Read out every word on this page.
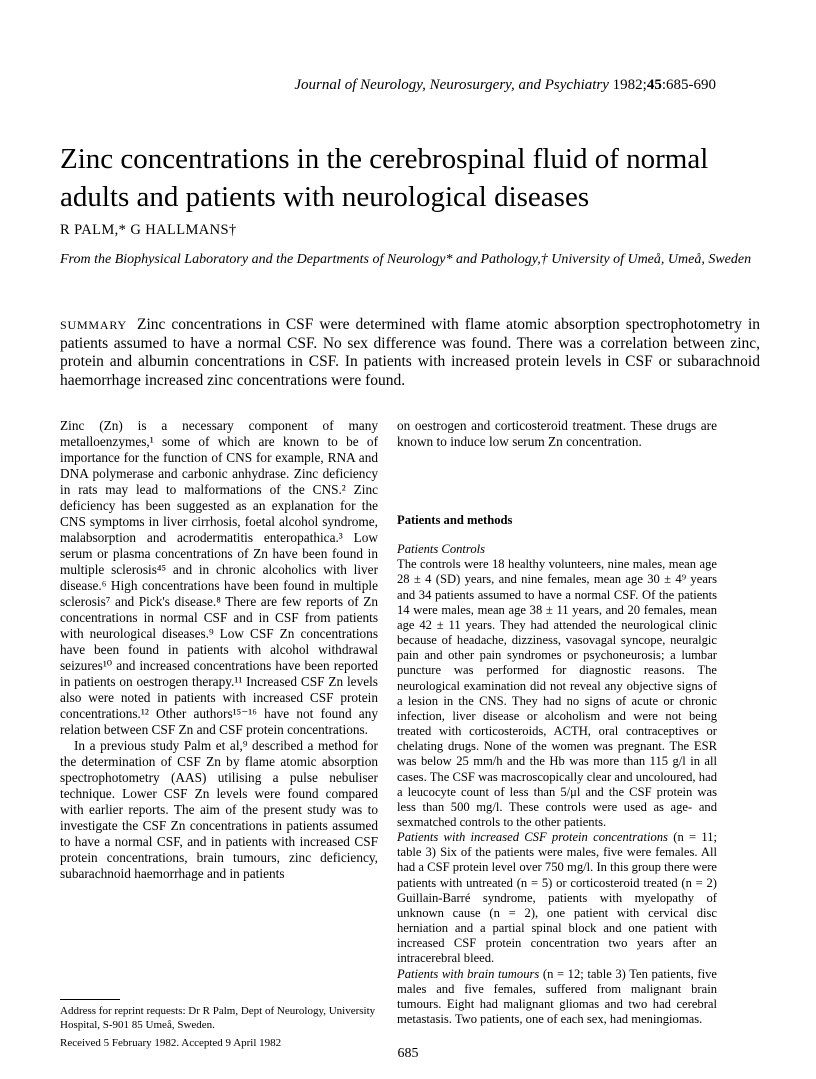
Journal of Neurology, Neurosurgery, and Psychiatry 1982;45:685-690
Zinc concentrations in the cerebrospinal fluid of normal adults and patients with neurological diseases
R PALM,* G HALLMANS†
From the Biophysical Laboratory and the Departments of Neurology* and Pathology,† University of Umeå, Umeå, Sweden
SUMMARY Zinc concentrations in CSF were determined with flame atomic absorption spectrophotometry in patients assumed to have a normal CSF. No sex difference was found. There was a correlation between zinc, protein and albumin concentrations in CSF. In patients with increased protein levels in CSF or subarachnoid haemorrhage increased zinc concentrations were found.

Zinc (Zn) is a necessary component of many metalloenzymes,¹ some of which are known to be of importance for the function of CNS for example, RNA and DNA polymerase and carbonic anhydrase. Zinc deficiency in rats may lead to malformations of the CNS.² Zinc deficiency has been suggested as an explanation for the CNS symptoms in liver cirrhosis, foetal alcohol syndrome, malabsorption and acrodermatitis enteropathica.³ Low serum or plasma concentrations of Zn have been found in multiple sclerosis⁴⁵ and in chronic alcoholics with liver disease.⁶ High concentrations have been found in multiple sclerosis⁷ and Pick's disease.⁸ There are few reports of Zn concentrations in normal CSF and in CSF from patients with neurological diseases.⁹ Low CSF Zn concentrations have been found in patients with alcohol withdrawal seizures¹⁰ and increased concentrations have been reported in patients on oestrogen therapy.¹¹ Increased CSF Zn levels also were noted in patients with increased CSF protein concentrations.¹² Other authors¹⁵⁻¹⁶ have not found any relation between CSF Zn and CSF protein concentrations.

In a previous study Palm et al,⁹ described a method for the determination of CSF Zn by flame atomic absorption spectrophotometry (AAS) utilising a pulse nebuliser technique. Lower CSF Zn levels were found compared with earlier reports. The aim of the present study was to investigate the CSF Zn concentrations in patients assumed to have a normal CSF, and in patients with increased CSF protein concentrations, brain tumours, zinc deficiency, subarachnoid haemorrhage and in patients

on oestrogen and corticosteroid treatment. These drugs are known to induce low serum Zn concentration.

Patients and methods

Patients Controls

The controls were 18 healthy volunteers, nine males, mean age 28 ± 4 (SD) years, and nine females, mean age 30 ± 4⁹ years and 34 patients assumed to have a normal CSF. Of the patients 14 were males, mean age 38 ± 11 years, and 20 females, mean age 42 ± 11 years. They had attended the neurological clinic because of headache, dizziness, vasovagal syncope, neuralgic pain and other pain syndromes or psychoneurosis; a lumbar puncture was performed for diagnostic reasons. The neurological examination did not reveal any objective signs of a lesion in the CNS. They had no signs of acute or chronic infection, liver disease or alcoholism and were not being treated with corticosteroids, ACTH, oral contraceptives or chelating drugs. None of the women was pregnant. The ESR was below 25 mm/h and the Hb was more than 115 g/l in all cases. The CSF was macroscopically clear and uncoloured, had a leucocyte count of less than 5/μl and the CSF protein was less than 500 mg/l. These controls were used as age- and sexmatched controls to the other patients.

Patients with increased CSF protein concentrations (n = 11; table 3) Six of the patients were males, five were females. All had a CSF protein level over 750 mg/l. In this group there were patients with untreated (n = 5) or corticosteroid treated (n = 2) Guillain-Barré syndrome, patients with myelopathy of unknown cause (n = 2), one patient with cervical disc herniation and a partial spinal block and one patient with increased CSF protein concentration two years after an intracerebral bleed.

Patients with brain tumours (n = 12; table 3) Ten patients, five males and five females, suffered from malignant brain tumours. Eight had malignant gliomas and two had cerebral metastasis. Two patients, one of each sex, had meningiomas.

Address for reprint requests: Dr R Palm, Dept of Neurology, University Hospital, S-901 85 Umeå, Sweden.
Received 5 February 1982. Accepted 9 April 1982
685
